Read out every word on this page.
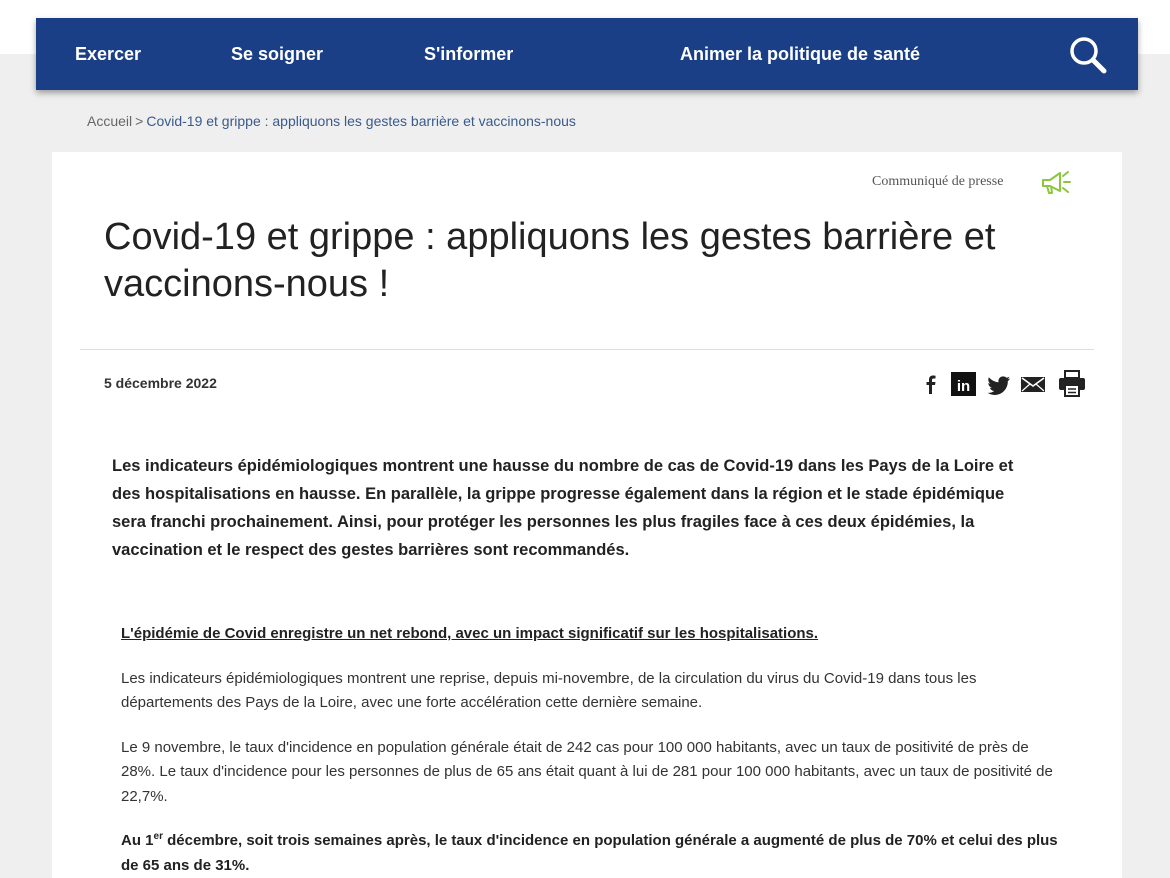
Exercer	Se soigner	S'informer	Animer la politique de santé
Accueil > Covid-19 et grippe : appliquons les gestes barrière et vaccinons-nous
Communiqué de presse
Covid-19 et grippe : appliquons les gestes barrière et vaccinons-nous !
5 décembre 2022	in

Les indicateurs épidémiologiques montrent une hausse du nombre de cas de Covid-19 dans les Pays de la Loire et des hospitalisations en hausse. En parallèle, la grippe progresse également dans la région et le stade épidémique sera franchi prochainement. Ainsi, pour protéger les personnes les plus fragiles face à ces deux épidémies, la vaccination et le respect des gestes barrières sont recommandés.

L'épidémie de Covid enregistre un net rebond, avec un impact significatif sur les hospitalisations.

Les indicateurs épidémiologiques montrent une reprise, depuis mi-novembre, de la circulation du virus du Covid-19 dans tous les départements des Pays de la Loire, avec une forte accélération cette dernière semaine.

Le 9 novembre, le taux d'incidence en population générale était de 242 cas pour 100 000 habitants, avec un taux de positivité de près de 28%. Le taux d'incidence pour les personnes de plus de 65 ans était quant à lui de 281 pour 100 000 habitants, avec un taux de positivité de 22,7%.

Au 1er décembre, soit trois semaines après, le taux d'incidence en population générale a augmenté de plus de 70% et celui des plus de 65 ans de 31%.
